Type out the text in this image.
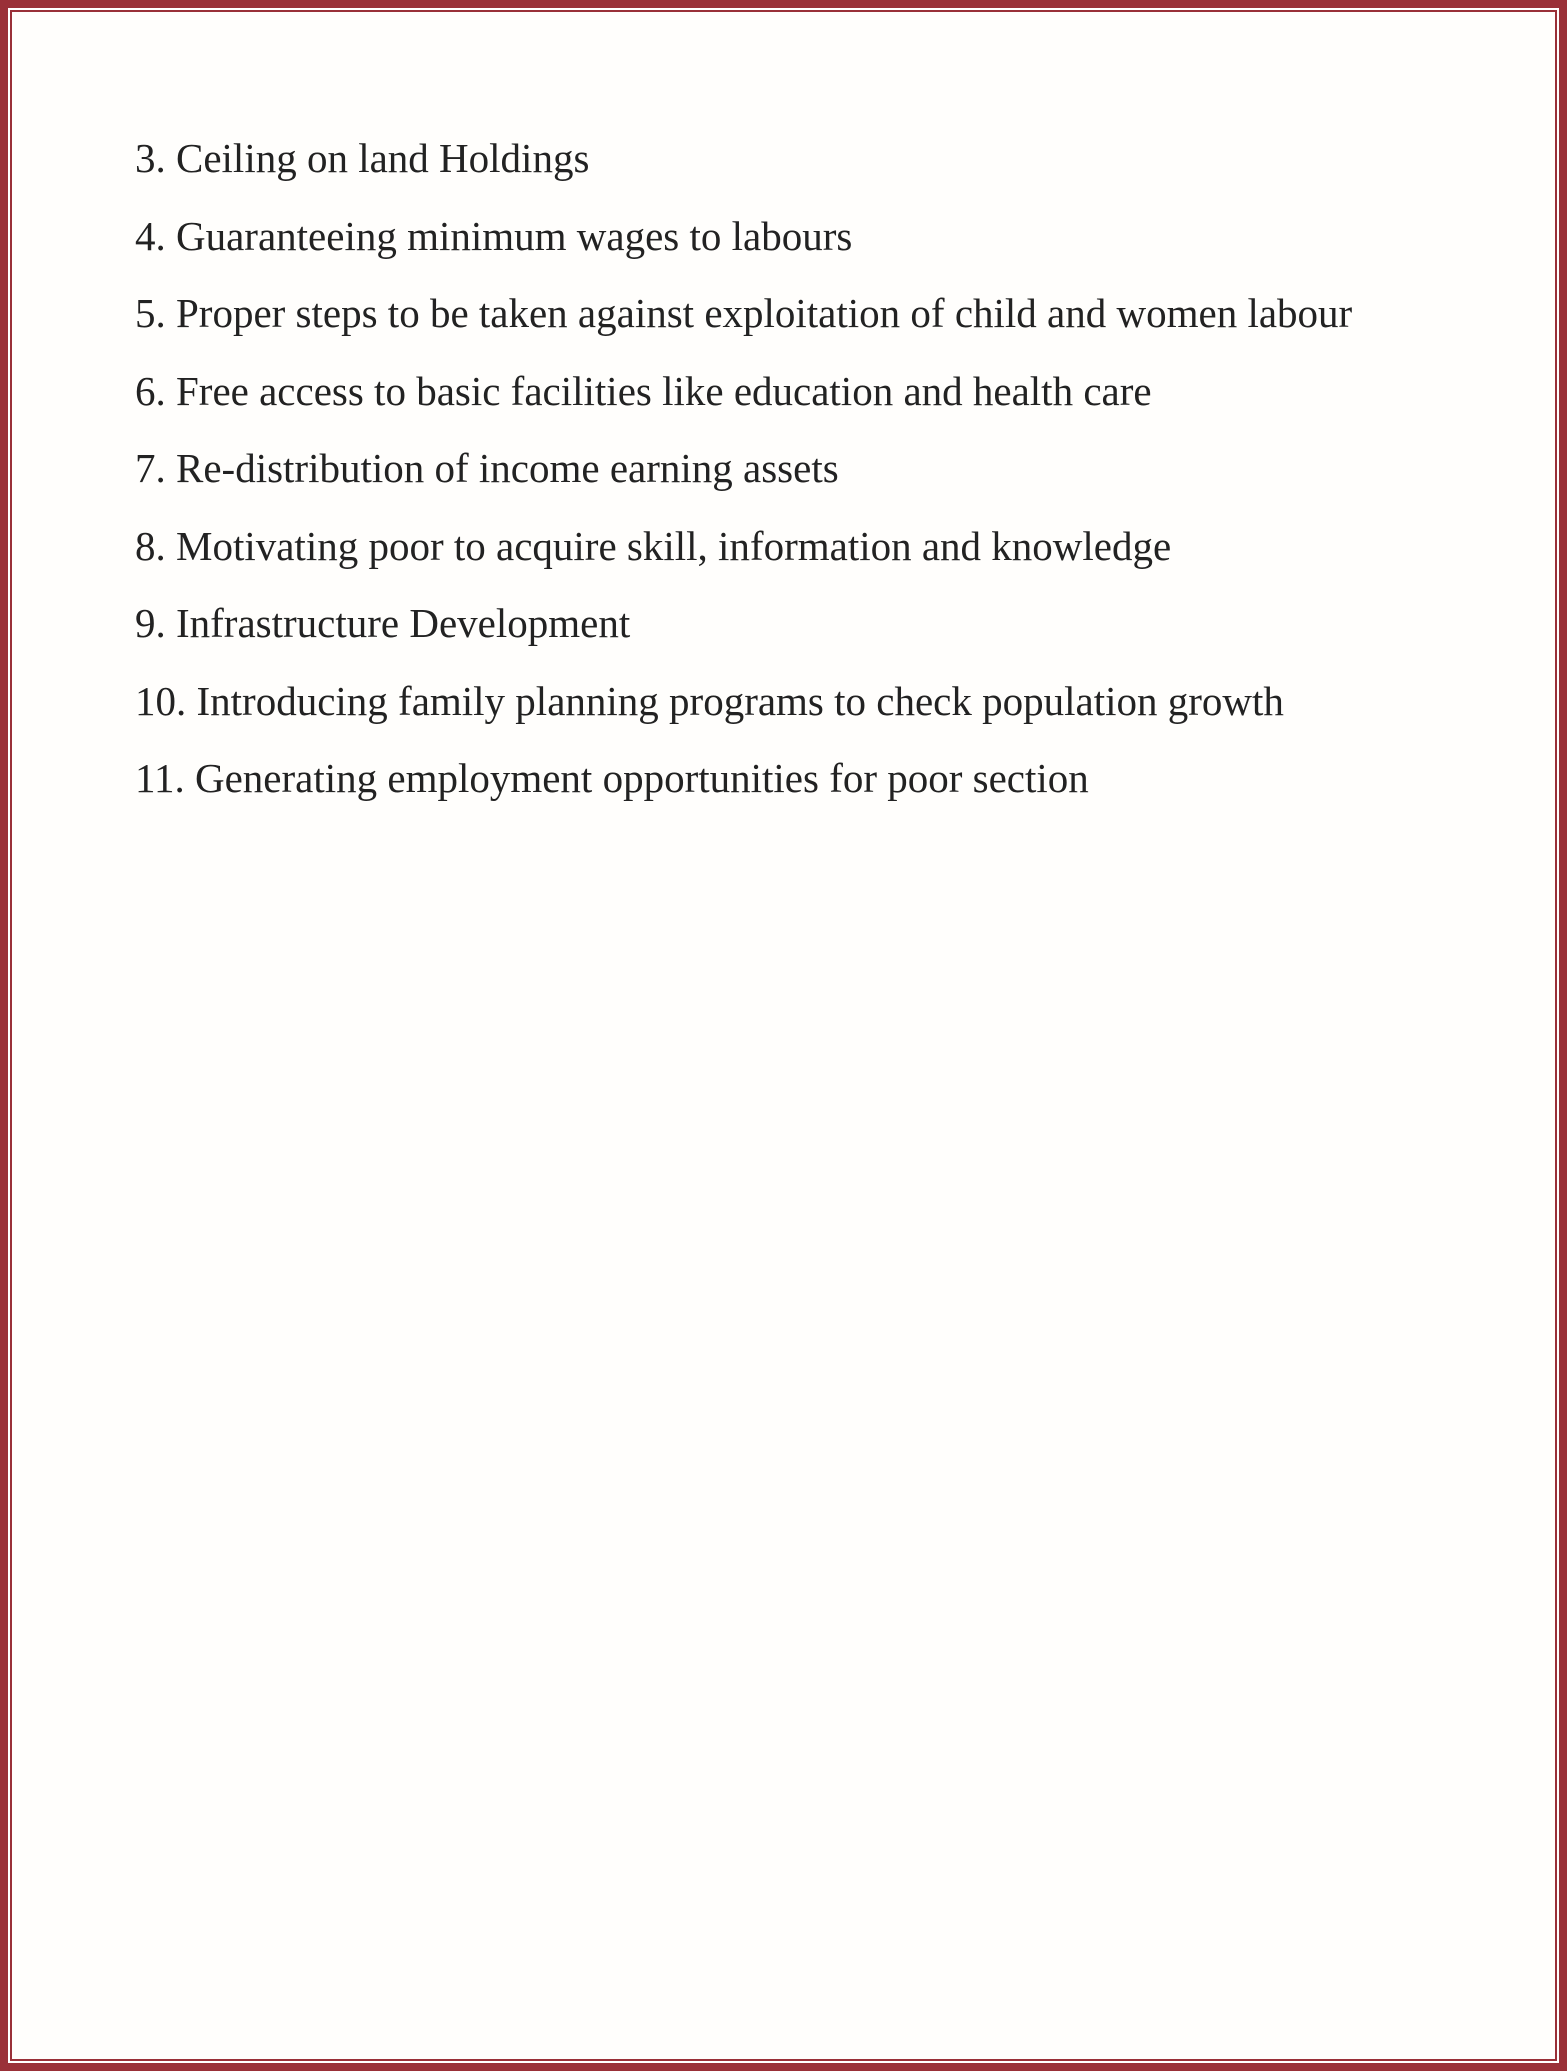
3. Ceiling on land Holdings
4. Guaranteeing minimum wages to labours
5. Proper steps to be taken against exploitation of child and women labour
6. Free access to basic facilities like education and health care
7. Re-distribution of income earning assets
8. Motivating poor to acquire skill, information and knowledge
9. Infrastructure Development
10. Introducing family planning programs to check population growth
11. Generating employment opportunities for poor section
